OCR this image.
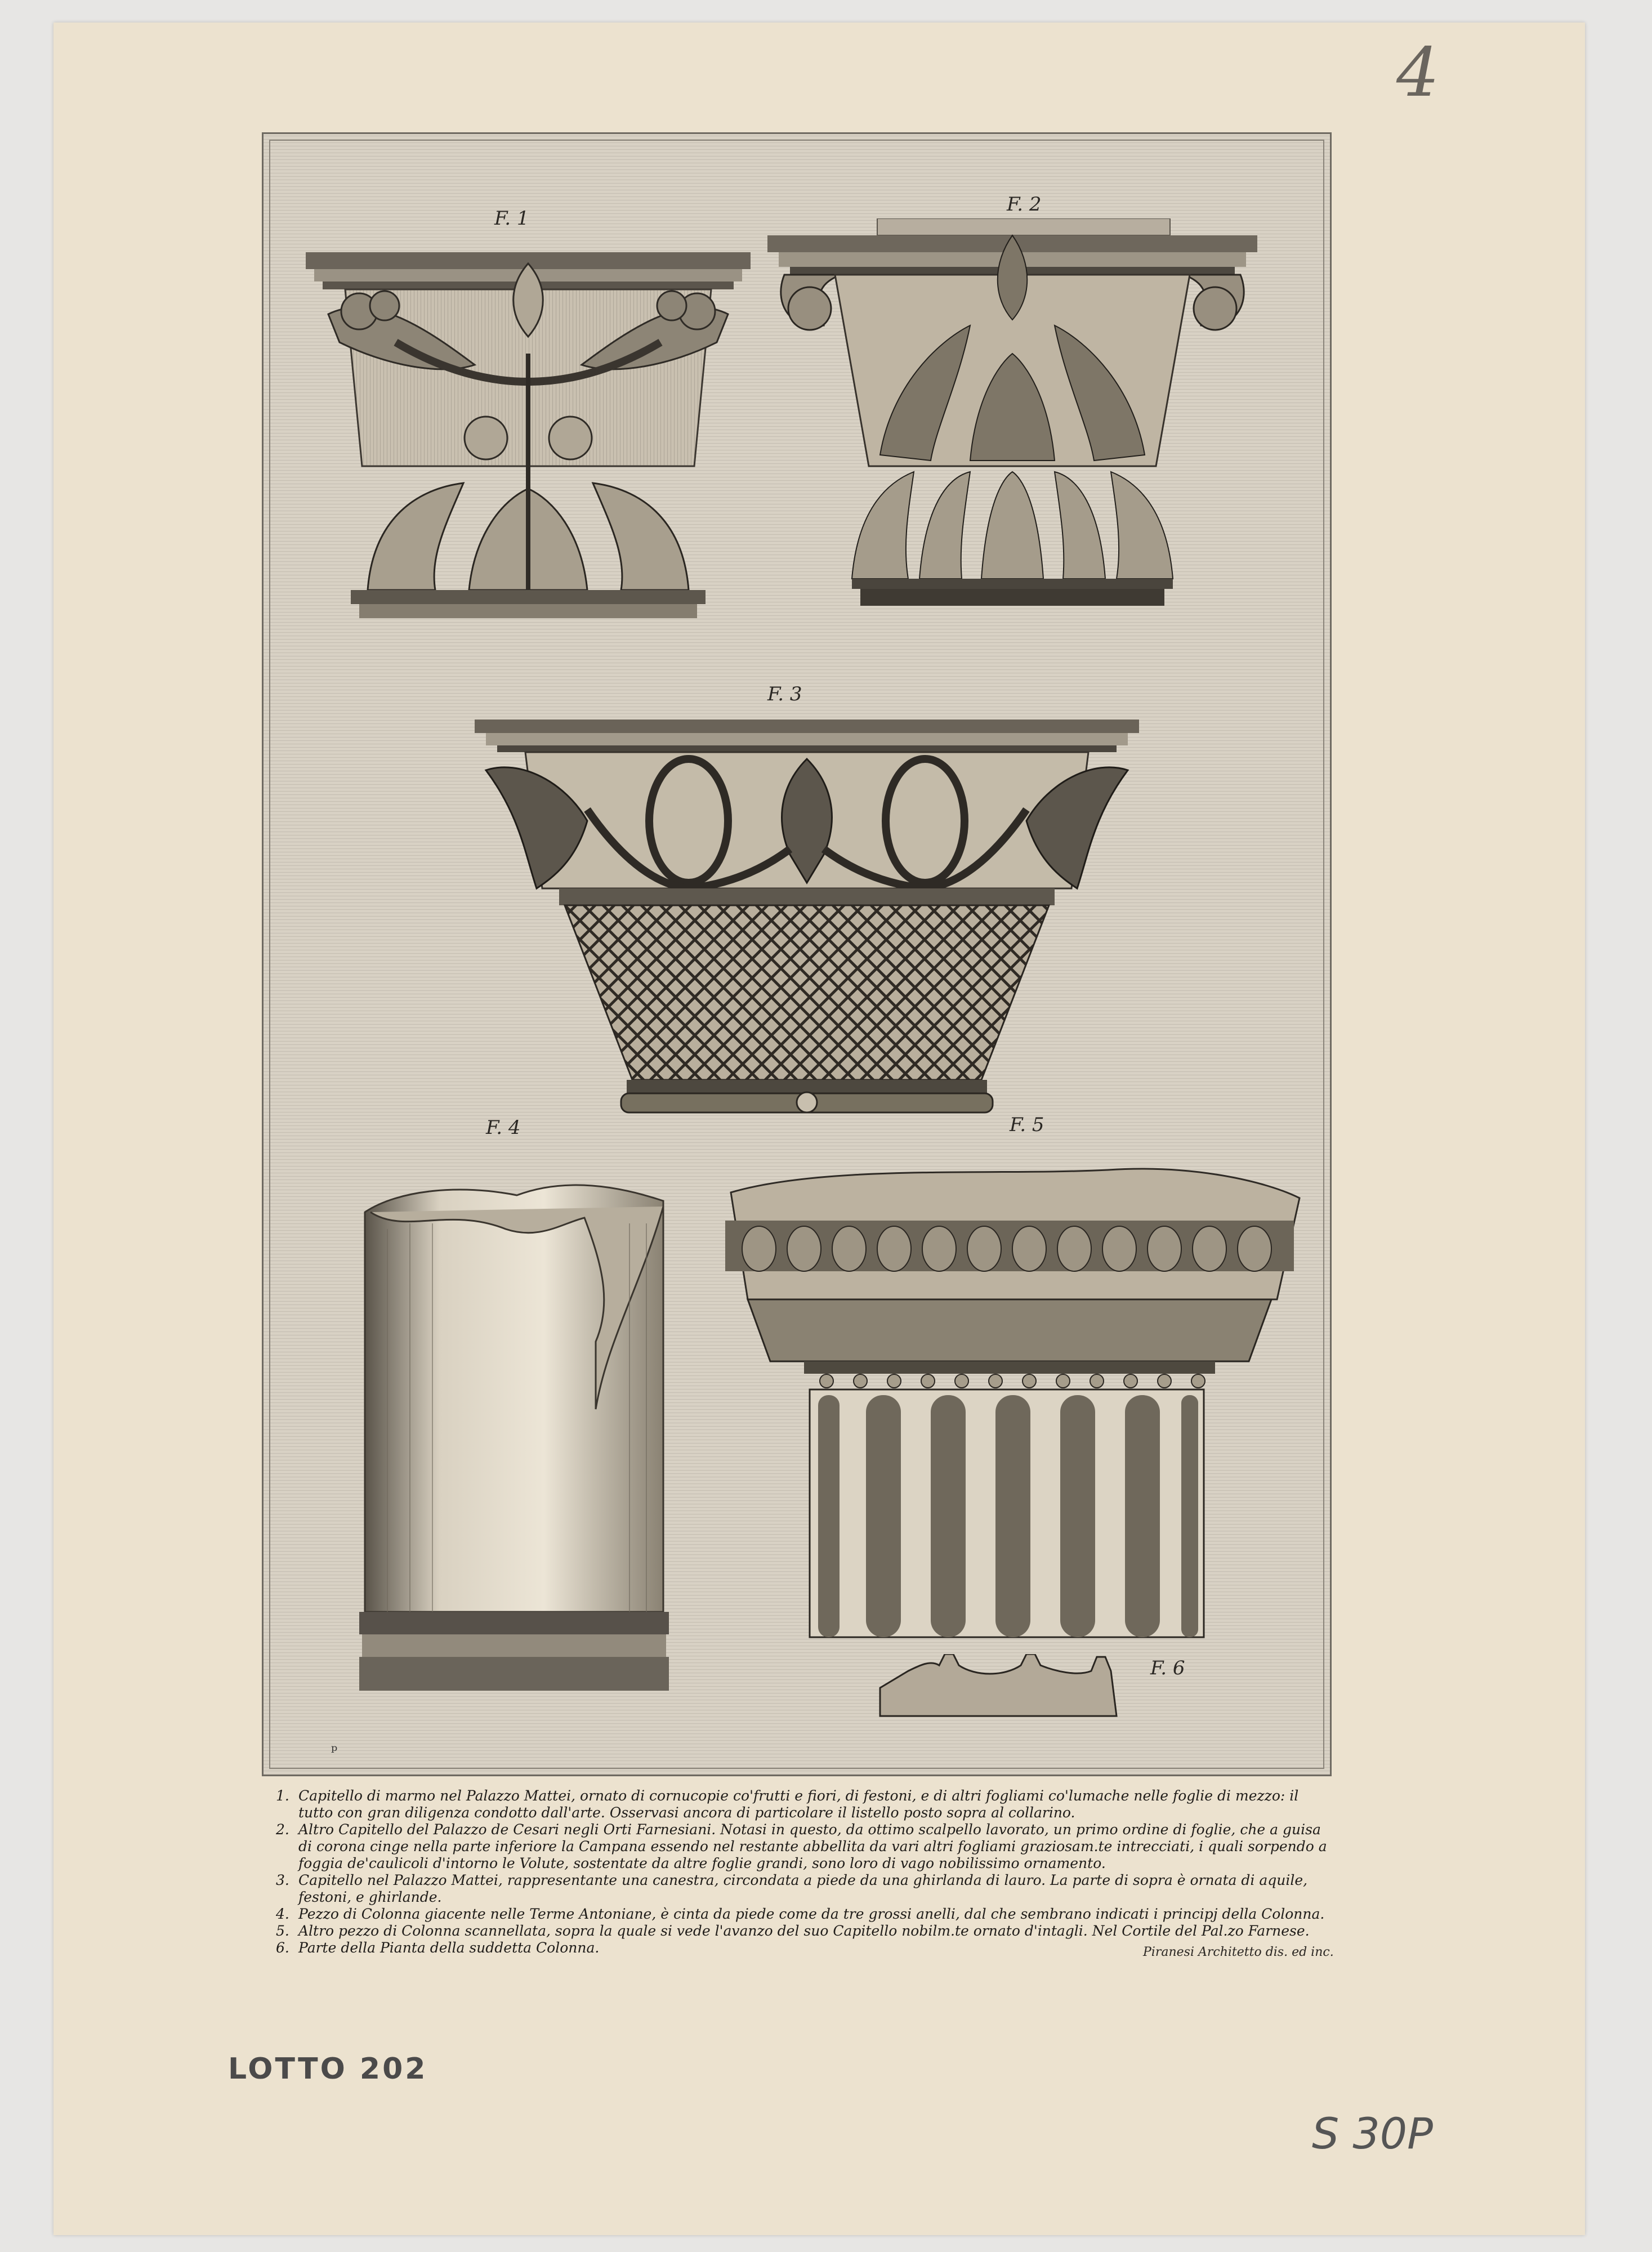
4
F. 1
F. 2
F. 3
F. 4	F. 5
F. 6
ᵖ
1. Capitello di marmo nel Palazzo Mattei, ornato di cornucopie co'frutti e fiori, di festoni, e di altri fogliami co'lumache nelle foglie di mezzo: il tutto con gran diligenza condotto dall'arte. Osservasi ancora di particolare il listello posto sopra al collarino.
2. Altro Capitello del Palazzo de Cesari negli Orti Farnesiani. Notasi in questo, da ottimo scalpello lavorato, un primo ordine di foglie, che a guisa di corona cinge nella parte inferiore la Campana essendo nel restante abbellita da vari altri fogliami graziosam.te intrecciati, i quali sorpendo a foggia de'caulicoli d'intorno le Volute, sostentate da altre foglie grandi, sono loro di vago nobilissimo ornamento.
3. Capitello nel Palazzo Mattei, rappresentante una canestra, circondata a piede da una ghirlanda di lauro. La parte di sopra è ornata di aquile, festoni, e ghirlande.
4. Pezzo di Colonna giacente nelle Terme Antoniane, è cinta da piede come da tre grossi anelli, dal che sembrano indicati i principj della Colonna.
5. Altro pezzo di Colonna scannellata, sopra la quale si vede l'avanzo del suo Capitello nobilm.te ornato d'intagli. Nel Cortile del Pal.zo Farnese.
6. Parte della Pianta della suddetta Colonna.	Piranesi Architetto dis. ed inc.
LOTTO 202
S 30P
